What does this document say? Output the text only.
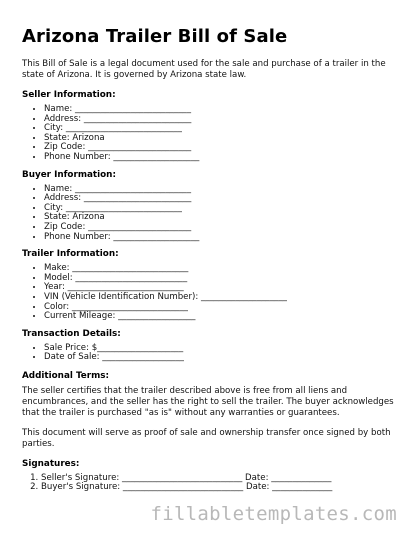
Arizona Trailer Bill of Sale

This Bill of Sale is a legal document used for the sale and purchase of a trailer in the state of Arizona. It is governed by Arizona state law.

Seller Information:
• Name: ___________________________
• Address: _________________________
• City: ___________________________
• State: Arizona
• Zip Code: ________________________
• Phone Number: ____________________
Buyer Information:
• Name: ___________________________
• Address: _________________________
• City: ___________________________
• State: Arizona
• Zip Code: ________________________
• Phone Number: ____________________
Trailer Information:
• Make: ___________________________
• Model: __________________________
• Year: ___________________________
• VIN (Vehicle Identification Number): ____________________
• Color: ___________________________
• Current Mileage: __________________
Transaction Details:
• Sale Price: $____________________
• Date of Sale: ___________________
Additional Terms:

The seller certifies that the trailer described above is free from all liens and encumbrances, and the seller has the right to sell the trailer. The buyer acknowledges that the trailer is purchased "as is" without any warranties or guarantees.

This document will serve as proof of sale and ownership transfer once signed by both parties.

Signatures:
1. Seller's Signature: ____________________________ Date: ______________
2. Buyer's Signature: ____________________________ Date: ______________
fillabletemplates.com
